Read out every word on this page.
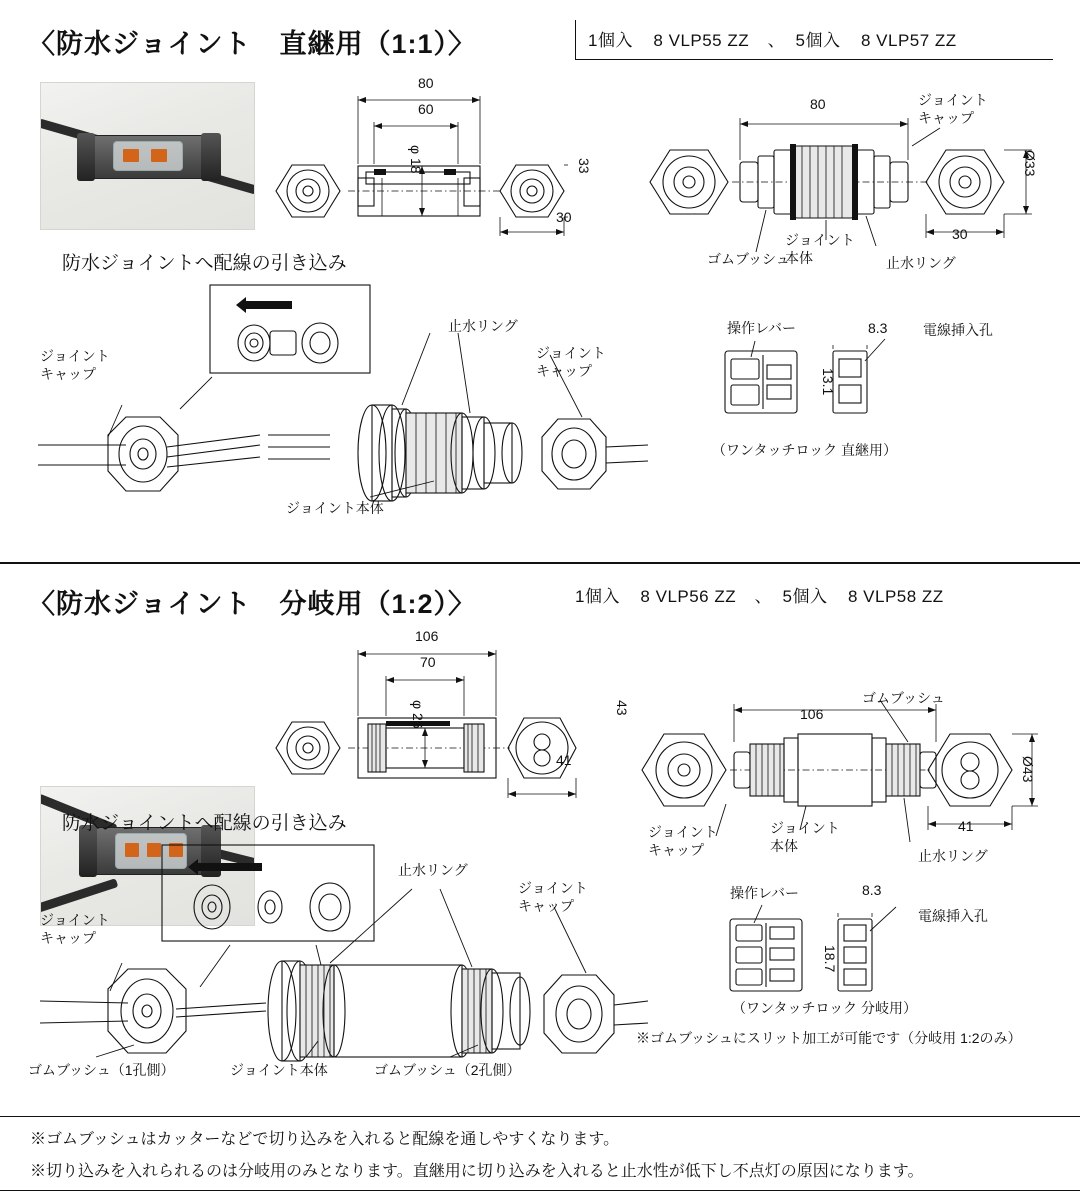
〈防水ジョイント　直継用（1:1）〉	1個入 8 VLP55 ZZ 、 5個入 8 VLP57 ZZ
80
60
φ 18
30
33
ジョイント
キャップ
ゴムブッシュ
ジョイント
本体	止水リング
80
Ø33
30
操作レバー	電線挿入孔
8.3
13.1
（ワンタッチロック 直継用）
防水ジョイントへ配線の引き込み
ジョイント
キャップ
止水リング
ジョイント
キャップ
ジョイント本体
〈防水ジョイント　分岐用（1:2）〉	1個入 8 VLP56 ZZ 、 5個入 8 VLP58 ZZ
106
70
φ 26
41
43
ゴムブッシュ
ジョイント
キャップ
ジョイント
本体
止水リング
106
Ø43
41
操作レバー
電線挿入孔
8.3
18.7
（ワンタッチロック 分岐用）
※ゴムブッシュにスリット加工が可能です（分岐用 1:2のみ）
防水ジョイントへ配線の引き込み
ジョイント
キャップ
止水リング
ジョイント
キャップ
ゴムブッシュ（1孔側）	ジョイント本体	ゴムブッシュ（2孔側）
※ゴムブッシュはカッターなどで切り込みを入れると配線を通しやすくなります。
※切り込みを入れられるのは分岐用のみとなります。直継用に切り込みを入れると止水性が低下し不点灯の原因になります。
